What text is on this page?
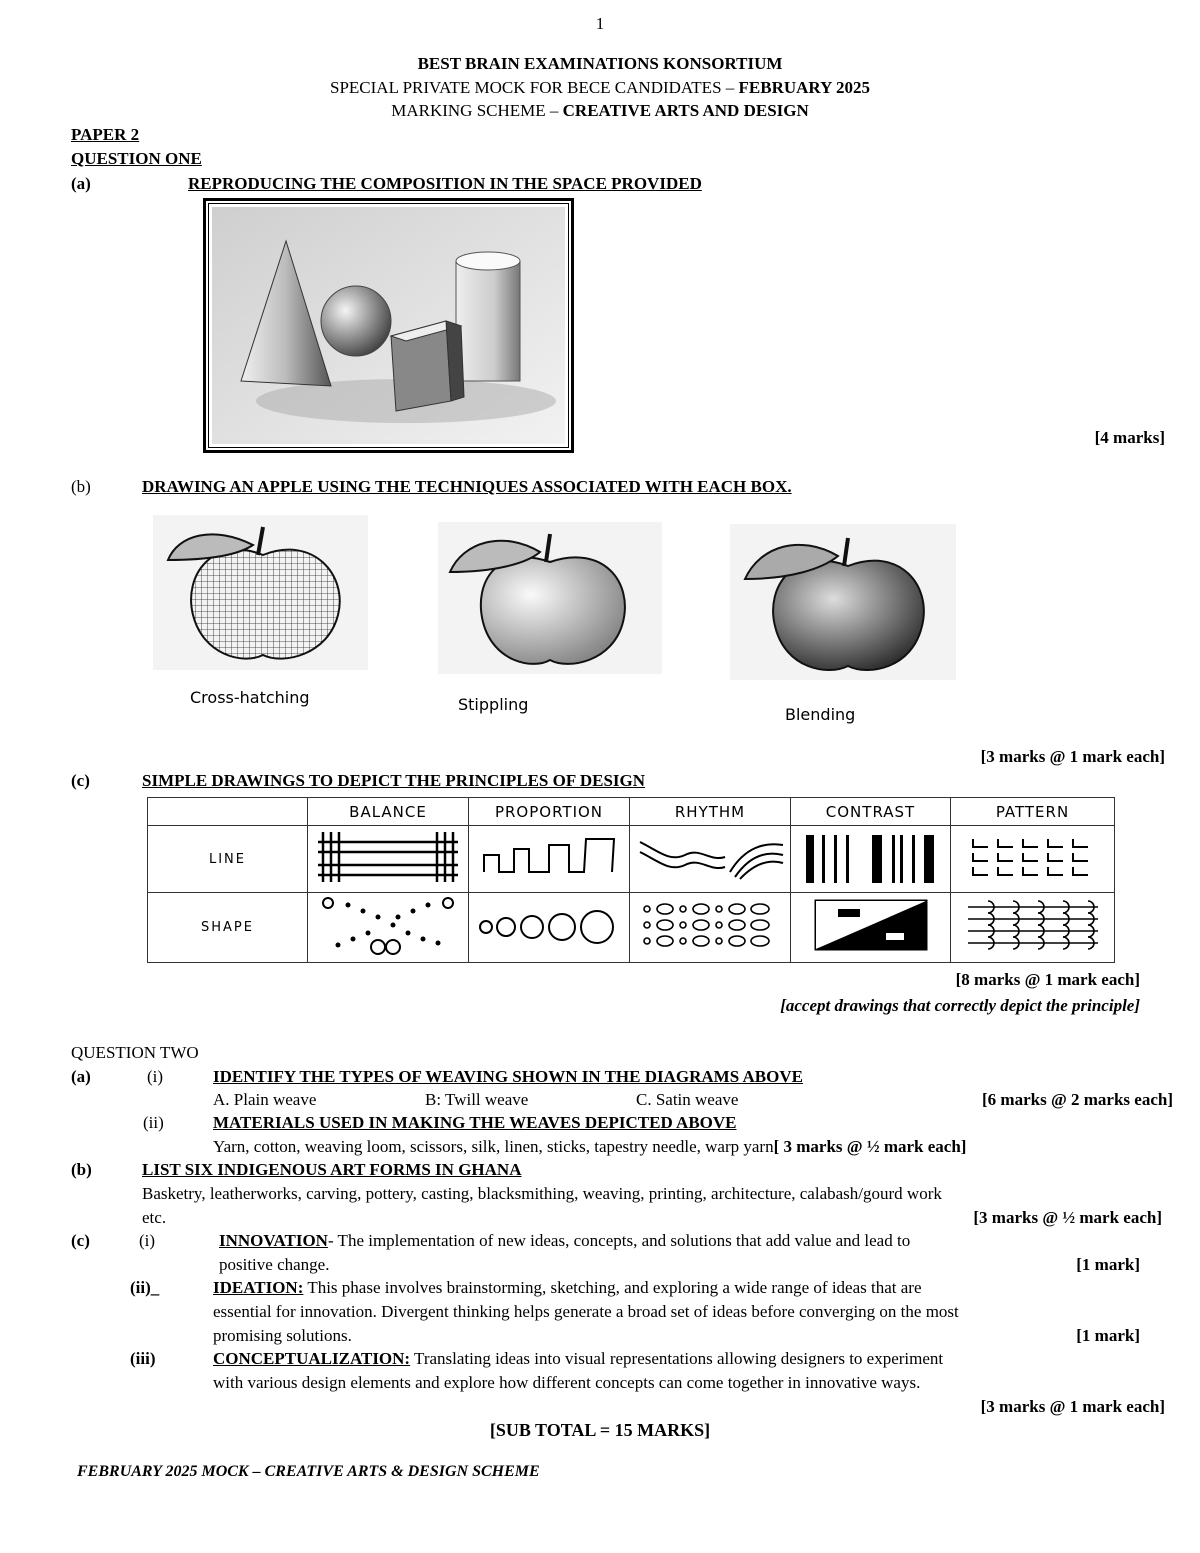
1
BEST BRAIN EXAMINATIONS KONSORTIUM
SPECIAL PRIVATE MOCK FOR BECE CANDIDATES – FEBRUARY 2025
MARKING SCHEME – CREATIVE ARTS AND DESIGN
PAPER 2
QUESTION ONE
(a)	REPRODUCING THE COMPOSITION IN THE SPACE PROVIDED
[4 marks]
(b)	DRAWING AN APPLE USING THE TECHNIQUES ASSOCIATED WITH EACH BOX.
Cross-hatching	Stippling
Blending
[3 marks @ 1 mark each]
(c)	SIMPLE DRAWINGS TO DEPICT THE PRINCIPLES OF DESIGN
	BALANCE	PROPORTION	RHYTHM	CONTRAST	PATTERN
LINE					
SHAPE					
[8 marks @ 1 mark each]
[accept drawings that correctly depict the principle]
QUESTION TWO
(a)	(i)	IDENTIFY THE TYPES OF WEAVING SHOWN IN THE DIAGRAMS ABOVE
A. Plain weave	B: Twill weave	C. Satin weave	[6 marks @ 2 marks each]
(ii)	MATERIALS USED IN MAKING THE WEAVES DEPICTED ABOVE
Yarn, cotton, weaving loom, scissors, silk, linen, sticks, tapestry needle, warp yarn[ 3 marks @ ½ mark each]
(b)	LIST SIX INDIGENOUS ART FORMS IN GHANA
Basketry, leatherworks, carving, pottery, casting, blacksmithing, weaving, printing, architecture, calabash/gourd work
etc.	[3 marks @ ½ mark each]
(c)	(i)	INNOVATION- The implementation of new ideas, concepts, and solutions that add value and lead to
positive change.	[1 mark]
(ii)_	IDEATION: This phase involves brainstorming, sketching, and exploring a wide range of ideas that are
essential for innovation. Divergent thinking helps generate a broad set of ideas before converging on the most
promising solutions.	[1 mark]
(iii)	CONCEPTUALIZATION: Translating ideas into visual representations allowing designers to experiment
with various design elements and explore how different concepts can come together in innovative ways.
[3 marks @ 1 mark each]
[SUB TOTAL = 15 MARKS]
FEBRUARY 2025 MOCK – CREATIVE ARTS & DESIGN SCHEME
